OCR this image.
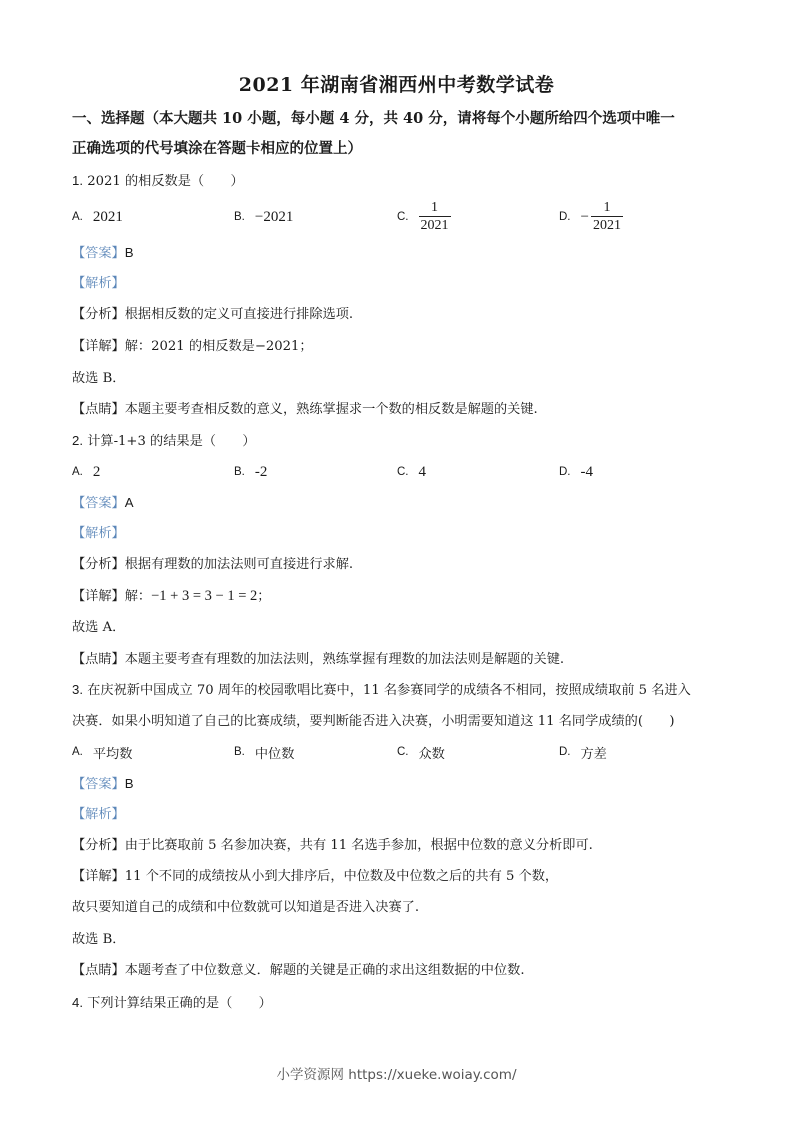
2021 年湖南省湘西州中考数学试卷
一、选择题（本大题共 10 小题，每小题 4 分，共 40 分，请将每个小题所给四个选项中唯一
正确选项的代号填涂在答题卡相应的位置上）
1. 2021 的相反数是（　　）
A. 2021	B. −2021	C. $\frac{1}{2021}$	D. − $\frac{1}{2021}$
【答案】B
【解析】
【分析】根据相反数的定义可直接进行排除选项.
【详解】解：2021 的相反数是−2021；
故选 B．
【点睛】本题主要考查相反数的意义，熟练掌握求一个数的相反数是解题的关键.
2. 计算-1+3 的结果是（　　）
A. 2	B. -2	C. 4	D. -4
【答案】A
【解析】
【分析】根据有理数的加法法则可直接进行求解.
【详解】解：−1 + 3 = 3 − 1 = 2；
故选 A．
【点睛】本题主要考查有理数的加法法则，熟练掌握有理数的加法法则是解题的关键.
3. 在庆祝新中国成立 70 周年的校园歌唱比赛中，11 名参赛同学的成绩各不相同，按照成绩取前 5 名进入
决赛．如果小明知道了自己的比赛成绩，要判断能否进入决赛，小明需要知道这 11 名同学成绩的(　　)
A. 平均数	B. 中位数	C. 众数	D. 方差
【答案】B
【解析】
【分析】由于比赛取前 5 名参加决赛，共有 11 名选手参加，根据中位数的意义分析即可.
【详解】11 个不同的成绩按从小到大排序后，中位数及中位数之后的共有 5 个数，
故只要知道自己的成绩和中位数就可以知道是否进入决赛了.
故选 B．
【点睛】本题考查了中位数意义．解题的关键是正确的求出这组数据的中位数.
4. 下列计算结果正确的是（　　）
小学资源网 https://xueke.woiay.com/
